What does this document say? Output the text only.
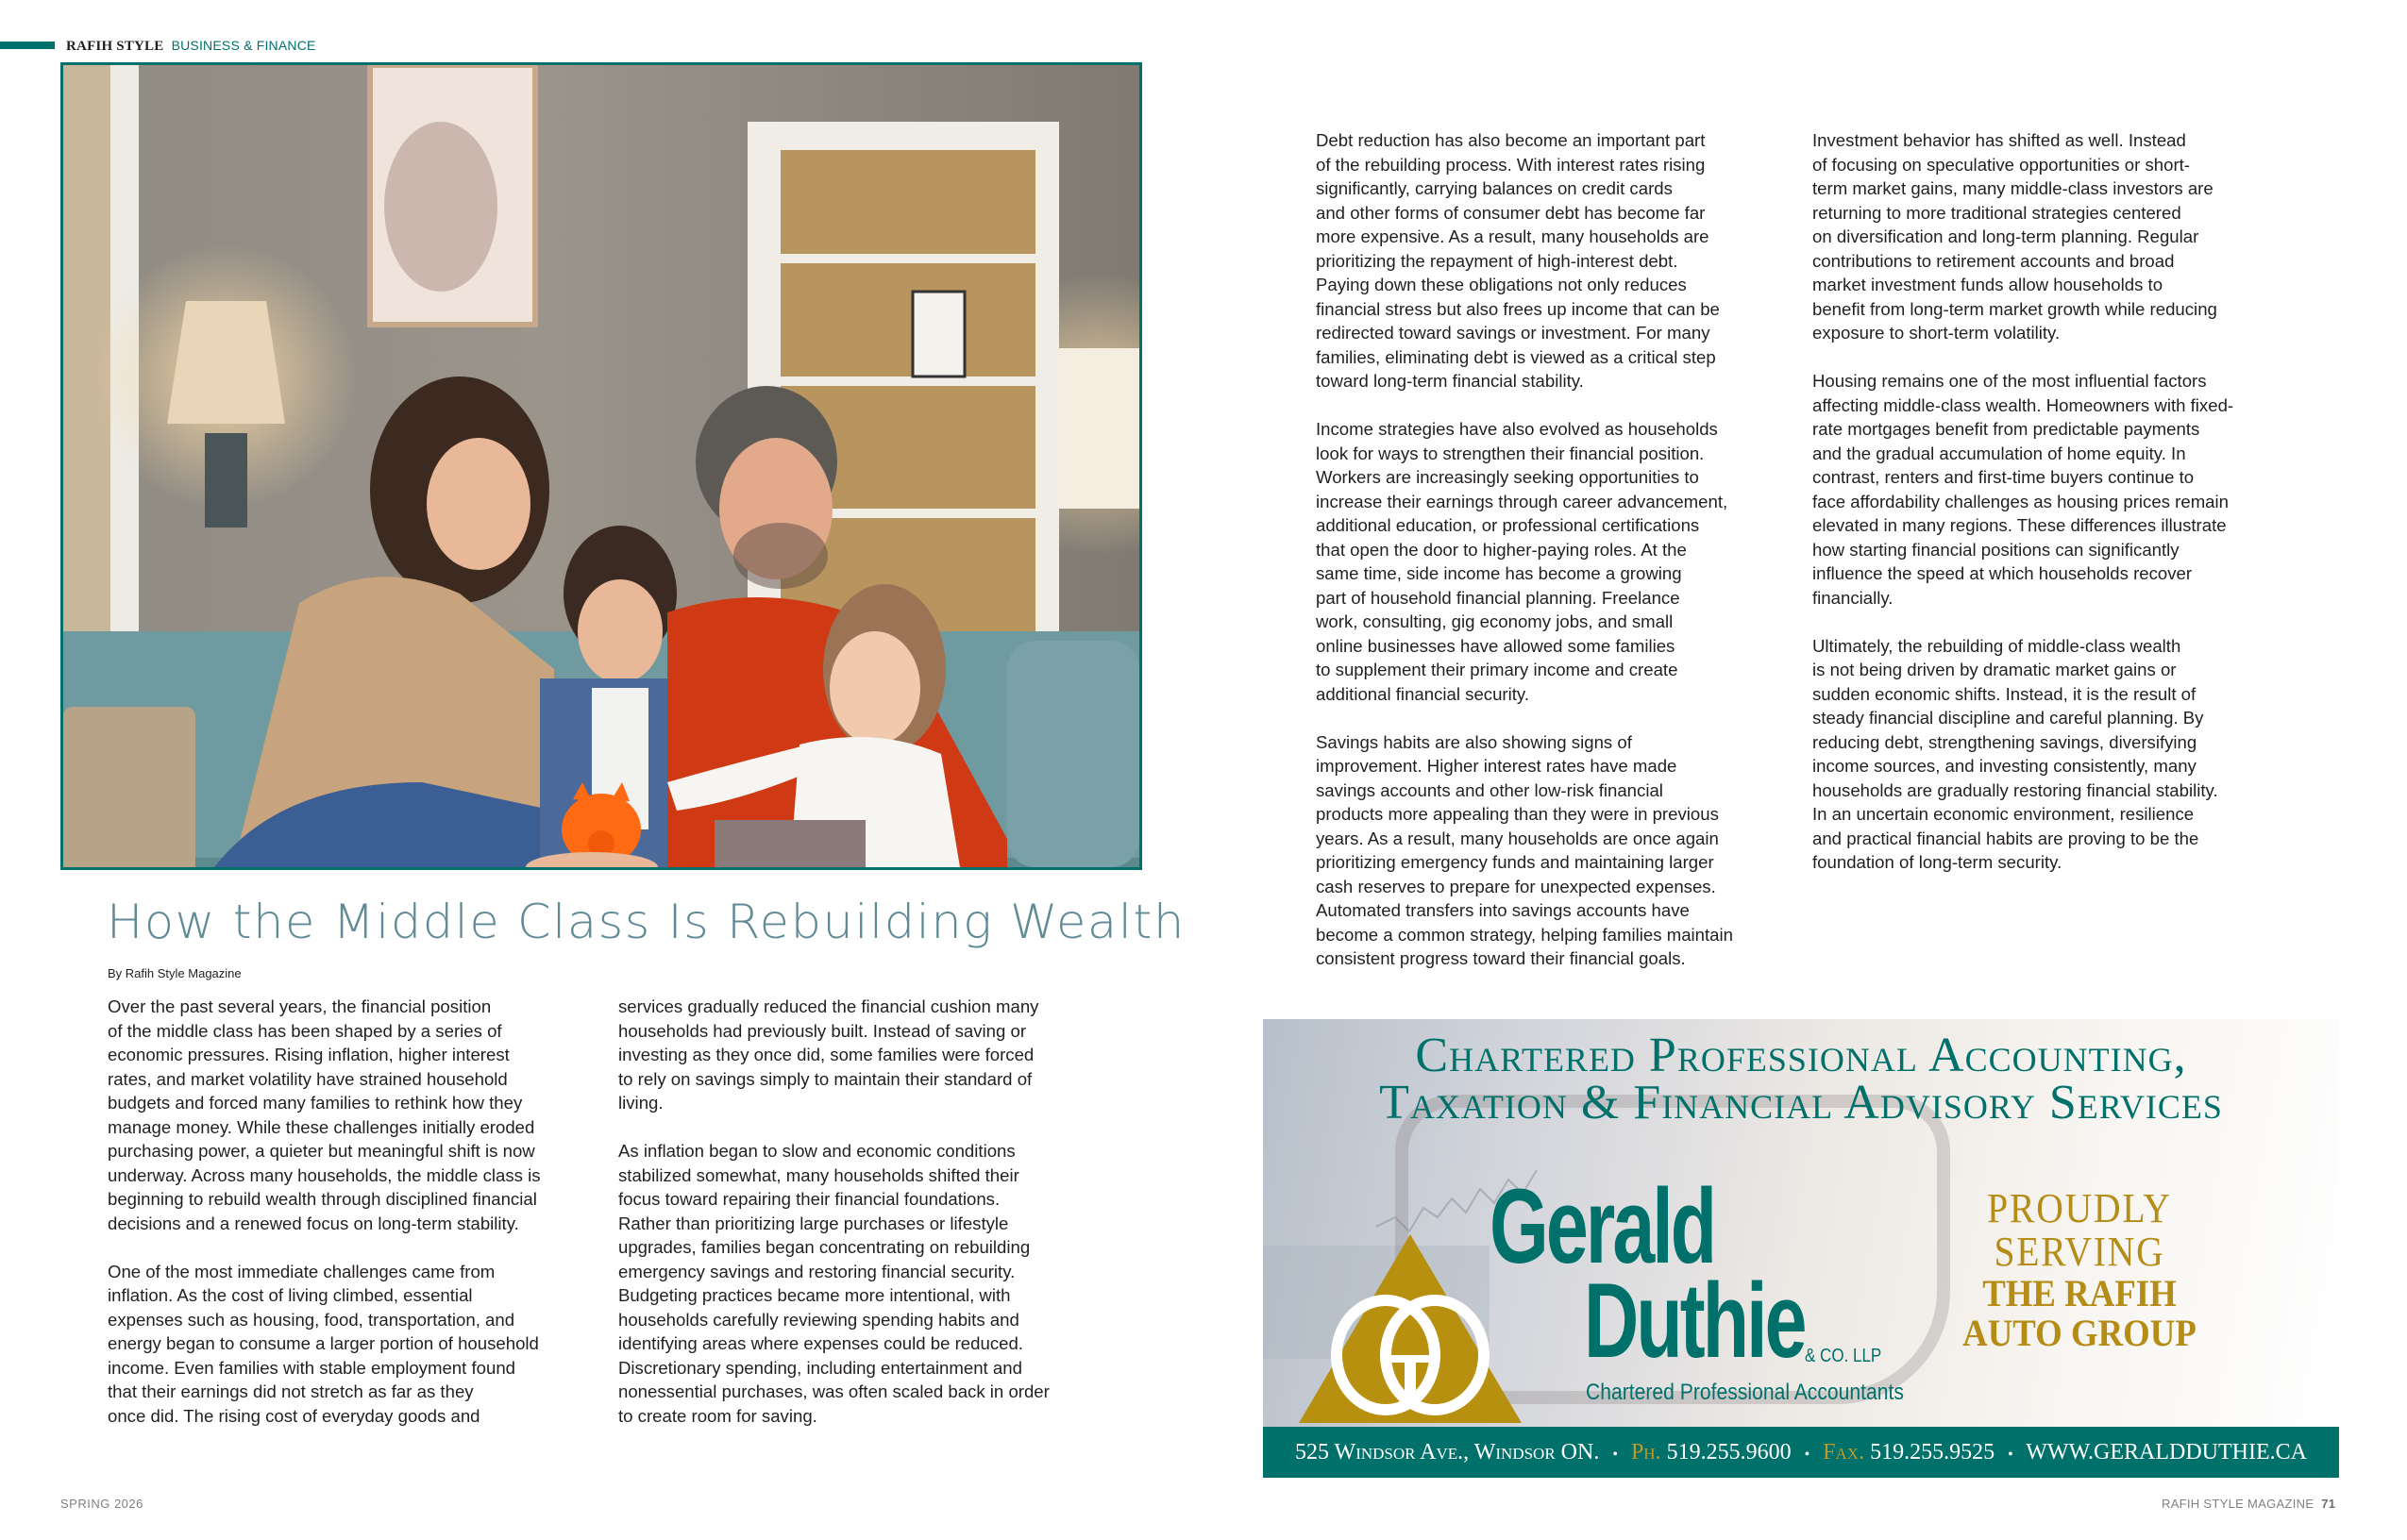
RAFIH STYLE BUSINESS & FINANCE
How the Middle Class Is Rebuilding Wealth
By Rafih Style Magazine

Over the past several years, the financial position
of the middle class has been shaped by a series of
economic pressures. Rising inflation, higher interest
rates, and market volatility have strained household
budgets and forced many families to rethink how they
manage money. While these challenges initially eroded
purchasing power, a quieter but meaningful shift is now
underway. Across many households, the middle class is
beginning to rebuild wealth through disciplined financial
decisions and a renewed focus on long-term stability.

One of the most immediate challenges came from
inflation. As the cost of living climbed, essential
expenses such as housing, food, transportation, and
energy began to consume a larger portion of household
income. Even families with stable employment found
that their earnings did not stretch as far as they
once did. The rising cost of everyday goods and

services gradually reduced the financial cushion many
households had previously built. Instead of saving or
investing as they once did, some families were forced
to rely on savings simply to maintain their standard of
living.

As inflation began to slow and economic conditions
stabilized somewhat, many households shifted their
focus toward repairing their financial foundations.
Rather than prioritizing large purchases or lifestyle
upgrades, families began concentrating on rebuilding
emergency savings and restoring financial security.
Budgeting practices became more intentional, with
households carefully reviewing spending habits and
identifying areas where expenses could be reduced.
Discretionary spending, including entertainment and
nonessential purchases, was often scaled back in order
to create room for saving.

Debt reduction has also become an important part
of the rebuilding process. With interest rates rising
significantly, carrying balances on credit cards
and other forms of consumer debt has become far
more expensive. As a result, many households are
prioritizing the repayment of high-interest debt.
Paying down these obligations not only reduces
financial stress but also frees up income that can be
redirected toward savings or investment. For many
families, eliminating debt is viewed as a critical step
toward long-term financial stability.

Income strategies have also evolved as households
look for ways to strengthen their financial position.
Workers are increasingly seeking opportunities to
increase their earnings through career advancement,
additional education, or professional certifications
that open the door to higher-paying roles. At the
same time, side income has become a growing
part of household financial planning. Freelance
work, consulting, gig economy jobs, and small
online businesses have allowed some families
to supplement their primary income and create
additional financial security.

Savings habits are also showing signs of
improvement. Higher interest rates have made
savings accounts and other low-risk financial
products more appealing than they were in previous
years. As a result, many households are once again
prioritizing emergency funds and maintaining larger
cash reserves to prepare for unexpected expenses.
Automated transfers into savings accounts have
become a common strategy, helping families maintain
consistent progress toward their financial goals.

Investment behavior has shifted as well. Instead
of focusing on speculative opportunities or short-
term market gains, many middle-class investors are
returning to more traditional strategies centered
on diversification and long-term planning. Regular
contributions to retirement accounts and broad
market investment funds allow households to
benefit from long-term market growth while reducing
exposure to short-term volatility.

Housing remains one of the most influential factors
affecting middle-class wealth. Homeowners with fixed-
rate mortgages benefit from predictable payments
and the gradual accumulation of home equity. In
contrast, renters and first-time buyers continue to
face affordability challenges as housing prices remain
elevated in many regions. These differences illustrate
how starting financial positions can significantly
influence the speed at which households recover
financially.

Ultimately, the rebuilding of middle-class wealth
is not being driven by dramatic market gains or
sudden economic shifts. Instead, it is the result of
steady financial discipline and careful planning. By
reducing debt, strengthening savings, diversifying
income sources, and investing consistently, many
households are gradually restoring financial stability.
In an uncertain economic environment, resilience
and practical financial habits are proving to be the
foundation of long-term security.

Chartered Professional Accounting,
Taxation & Financial Advisory Services
Gerald
Duthie & CO. LLP
Chartered Professional Accountants
PROUDLY SERVING
THE RAFIH
AUTO GROUP
525 Windsor Ave., Windsor ON. • Ph. 519.255.9600 • Fax. 519.255.9525 • WWW.GERALDDUTHIE.CA
SPRING 2026	RAFIH STYLE MAGAZINE 71
